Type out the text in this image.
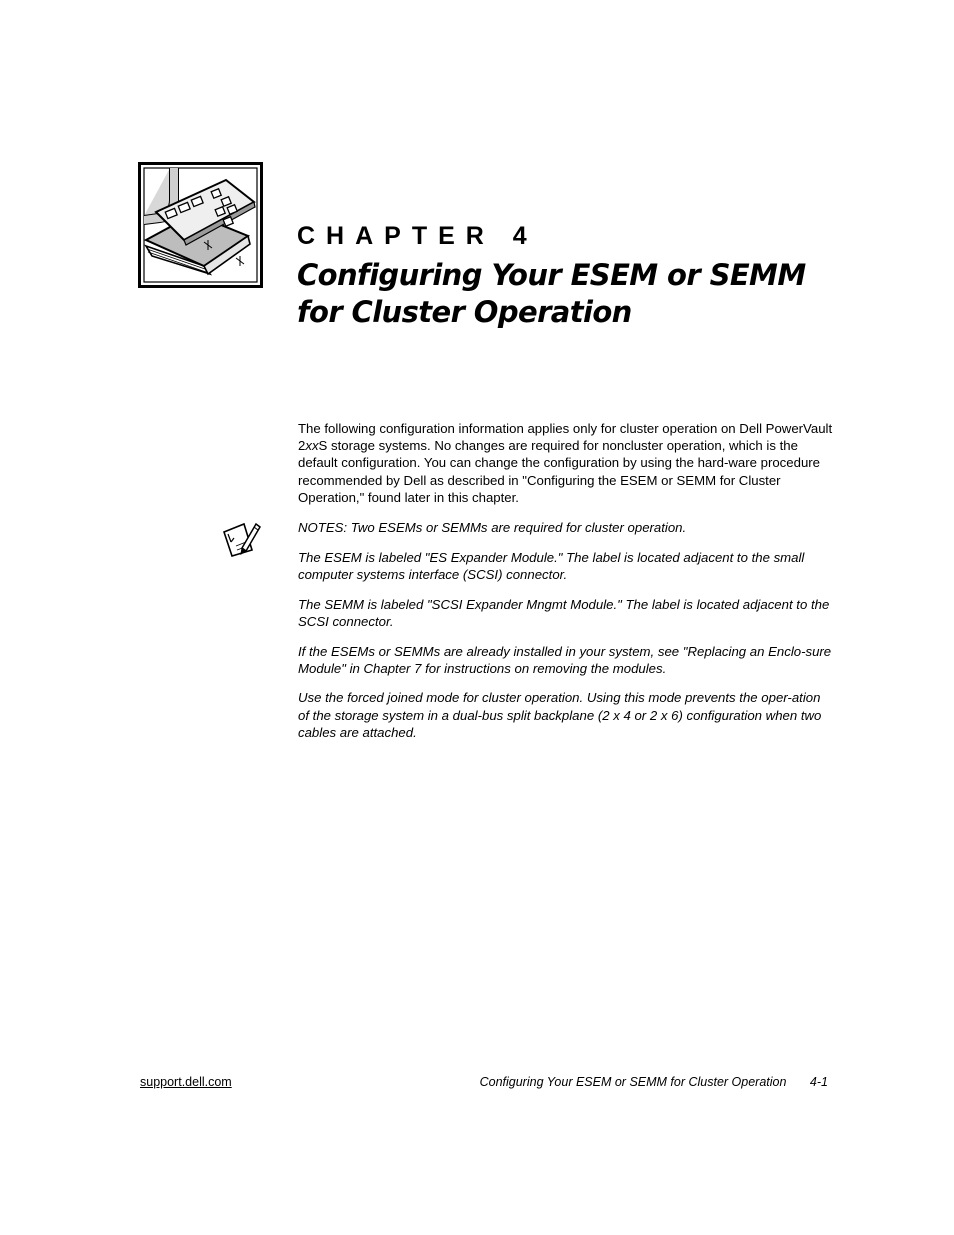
CHAPTER 4
Configuring Your ESEM or SEMM
for Cluster Operation

The following configuration information applies only for cluster operation on Dell PowerVault 2xxS storage systems. No changes are required for noncluster operation, which is the default configuration. You can change the configuration by using the hard-ware procedure recommended by Dell as described in "Configuring the ESEM or SEMM for Cluster Operation," found later in this chapter.

NOTES: Two ESEMs or SEMMs are required for cluster operation.

The ESEM is labeled "ES Expander Module." The label is located adjacent to the small computer systems interface (SCSI) connector.

The SEMM is labeled "SCSI Expander Mngmt Module." The label is located adjacent to the SCSI connector.

If the ESEMs or SEMMs are already installed in your system, see "Replacing an Enclo-sure Module" in Chapter 7 for instructions on removing the modules.

Use the forced joined mode for cluster operation. Using this mode prevents the oper-ation of the storage system in a dual-bus split backplane (2 x 4 or 2 x 6) configuration when two cables are attached.

support.dell.com	Configuring Your ESEM or SEMM for Cluster Operation 4-1
